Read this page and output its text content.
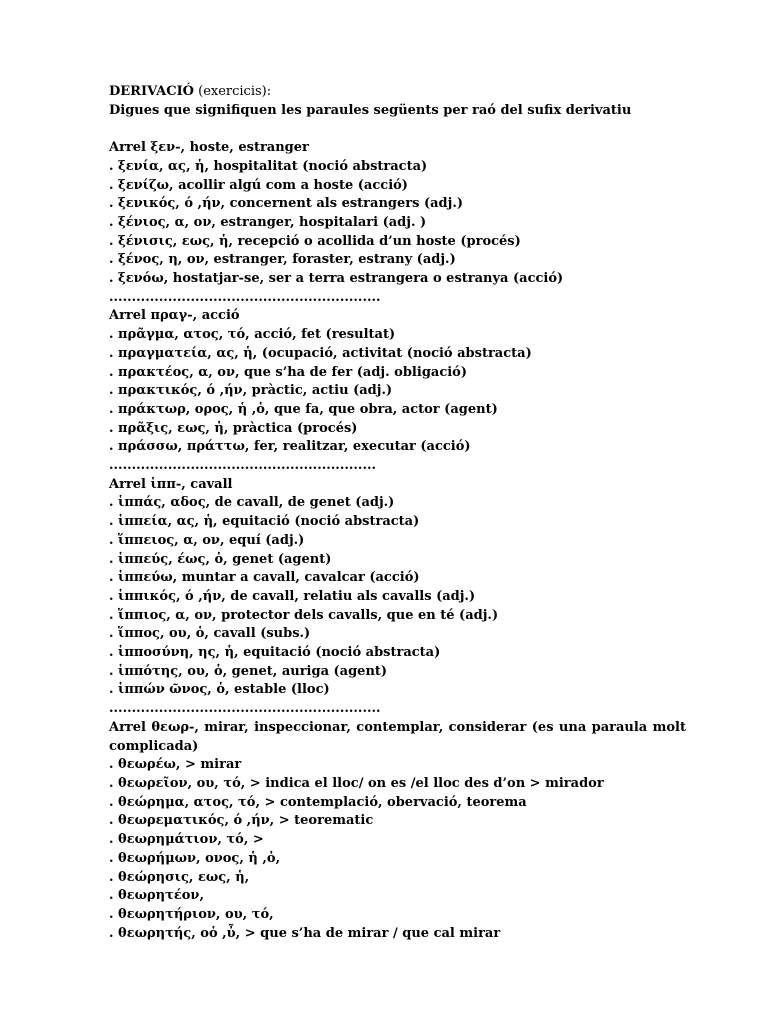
DERIVACIÓ (exercicis):
Digues que signifiquen les paraules següents per raó del sufix derivatiu
Arrel ξεν-, hoste, estranger
. ξενία, ας, ἡ, hospitalitat (noció abstracta)
. ξενίζω, acollir algú com a hoste (acció)
. ξενικός, ό ,ήν, concernent als estrangers (adj.)
. ξένιος, α, ον, estranger, hospitalari (adj. )
. ξένισις, εως, ἡ, recepció o acollida d’un hoste (procés)
. ξένος, η, ον, estranger, foraster, estrany (adj.)
. ξενόω, hostatjar-se, ser a terra estrangera o estranya (acció)
............................................................
Arrel πραγ-, acció
. πρᾶγμα, ατος, τό, acció, fet (resultat)
. πραγματεία, ας, ἡ, (ocupació, activitat (noció abstracta)
. πρακτέος, α, ον, que s’ha de fer (adj. obligació)
. πρακτικός, ό ,ήν, pràctic, actiu (adj.)
. πράκτωρ, ορος, ἡ ,ὁ, que fa, que obra, actor (agent)
. πρᾶξις, εως, ἡ, pràctica (procés)
. πράσσω, πράττω, fer, realitzar, executar (acció)
...........................................................
Arrel ἱππ-, cavall
. ἱππάς, αδος, de cavall, de genet (adj.)
. ἱππεία, ας, ἡ, equitació (noció abstracta)
. ἵππειος, α, ον, equí (adj.)
. ἱππεύς, έως, ὁ, genet (agent)
. ἱππεύω, muntar a cavall, cavalcar (acció)
. ἱππικός, ό ,ήν, de cavall, relatiu als cavalls (adj.)
. ἵππιος, α, ον, protector dels cavalls, que en té (adj.)
. ἵππος, ου, ὁ, cavall (subs.)
. ἱπποσύνη, ης, ἡ, equitació (noció abstracta)
. ἱππότης, ου, ὁ, genet, auriga (agent)
. ἱππών ῶνος, ὁ, estable (lloc)
............................................................
Arrel θεωρ-, mirar, inspeccionar, contemplar, considerar (es una paraula molt complicada)
. θεωρέω, > mirar
. θεωρεῖον, ου, τό, > indica el lloc/ on es /el lloc des d’on > mirador
. θεώρημα, ατος, τό, > contemplació, obervació, teorema
. θεωρεματικός, ό ,ήν, > teorematic
. θεωρημάτιον, τό, >
. θεωρήμων, ονος, ἡ ,ὁ,
. θεώρησις, εως, ἡ,
. θεωρητέον,
. θεωρητήριον, ου, τό,
. θεωρητής, οὁ ,ὖ, > que s’ha de mirar / que cal mirar
